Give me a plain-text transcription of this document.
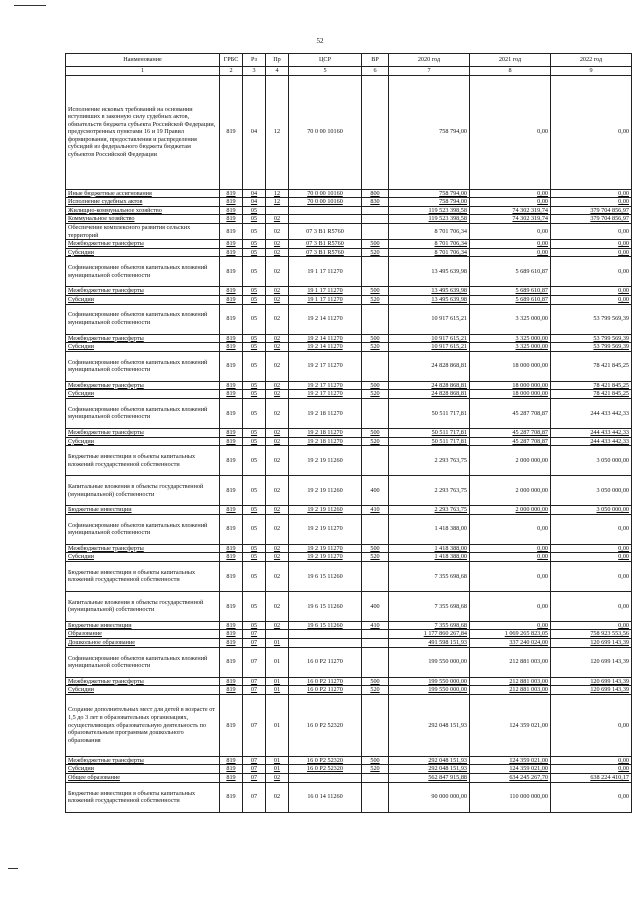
52
Наименование	ГРБС	Рз	Пр	ЦСР	ВР	2020 год	2021 год	2022 год
1	2	3	4	5	6	7	8	9
Исполнение исковых требований на основании вступивших в законную силу судебных актов, обязательств бюджета субъекта Российской Федерации, предусмотренных пунктами 16 и 19 Правил формирования, предоставления и распределения субсидий из федерального бюджета бюджетам субъектов Российской Федерации	819	04	12	70 0 00 10160		758 794,00	0,00	0,00
Иные бюджетные ассигнования	819	04	12	70 0 00 10160	800	758 794,00	0,00	0,00
Исполнение судебных актов	819	04	12	70 0 00 10160	830	758 794,00	0,00	0,00
Жилищно-коммунальное хозяйство	819	05				119 523 398,58	74 302 319,74	379 704 856,97
Коммунальное хозяйство	819	05	02			119 523 398,58	74 302 319,74	379 704 856,97
Обеспечение комплексного развития сельских территорий	819	05	02	07 3 B1 R5760		8 701 706,34	0,00	0,00
Межбюджетные трансферты	819	05	02	07 3 B1 R5760	500	8 701 706,34	0,00	0,00
Субсидии	819	05	02	07 3 B1 R5760	520	8 701 706,34	0,00	0,00
Софинансирование объектов капитальных вложений муниципальной собственности	819	05	02	19 1 17 11270		13 495 639,98	5 689 610,87	0,00
Межбюджетные трансферты	819	05	02	19 1 17 11270	500	13 495 639,98	5 689 610,87	0,00
Субсидии	819	05	02	19 1 17 11270	520	13 495 639,98	5 689 610,87	0,00
Софинансирование объектов капитальных вложений муниципальной собственности	819	05	02	19 2 14 11270		10 917 615,21	3 325 000,00	53 799 569,39
Межбюджетные трансферты	819	05	02	19 2 14 11270	500	10 917 615,21	3 325 000,00	53 799 569,39
Субсидии	819	05	02	19 2 14 11270	520	10 917 615,21	3 325 000,00	53 799 569,39
Софинансирование объектов капитальных вложений муниципальной собственности	819	05	02	19 2 17 11270		24 828 868,81	18 000 000,00	78 421 845,25
Межбюджетные трансферты	819	05	02	19 2 17 11270	500	24 828 868,81	18 000 000,00	78 421 845,25
Субсидии	819	05	02	19 2 17 11270	520	24 828 868,81	18 000 000,00	78 421 845,25
Софинансирование объектов капитальных вложений муниципальной собственности	819	05	02	19 2 18 11270		50 511 717,81	45 287 708,87	244 433 442,33
Межбюджетные трансферты	819	05	02	19 2 18 11270	500	50 511 717,81	45 287 708,87	244 433 442,33
Субсидии	819	05	02	19 2 18 11270	520	50 511 717,81	45 287 708,87	244 433 442,33
Бюджетные инвестиции в объекты капитальных вложений государственной собственности	819	05	02	19 2 19 11260		2 293 763,75	2 000 000,00	3 050 000,00
Капитальные вложения в объекты государственной (муниципальной) собственности	819	05	02	19 2 19 11260	400	2 293 763,75	2 000 000,00	3 050 000,00
Бюджетные инвестиции	819	05	02	19 2 19 11260	410	2 293 763,75	2 000 000,00	3 050 000,00
Софинансирование объектов капитальных вложений муниципальной собственности	819	05	02	19 2 19 11270		1 418 388,00	0,00	0,00
Межбюджетные трансферты	819	05	02	19 2 19 11270	500	1 418 388,00	0,00	0,00
Субсидии	819	05	02	19 2 19 11270	520	1 418 388,00	0,00	0,00
Бюджетные инвестиции в объекты капитальных вложений государственной собственности	819	05	02	19 6 15 11260		7 355 698,68	0,00	0,00
Капитальные вложения в объекты государственной (муниципальной) собственности	819	05	02	19 6 15 11260	400	7 355 698,68	0,00	0,00
Бюджетные инвестиции	819	05	02	19 6 15 11260	410	7 355 698,68	0,00	0,00
Образование	819	07				1 177 860 267,84	1 069 265 823,05	758 923 553,56
Дошкольное образование	819	07	01			491 598 151,93	337 240 024,00	120 699 143,39
Софинансирование объектов капитальных вложений муниципальной собственности	819	07	01	16 0 P2 11270		199 550 000,00	212 881 003,00	120 699 143,39
Межбюджетные трансферты	819	07	01	16 0 P2 11270	500	199 550 000,00	212 881 003,00	120 699 143,39
Субсидии	819	07	01	16 0 P2 11270	520	199 550 000,00	212 881 003,00	120 699 143,39
Создание дополнительных мест для детей в возрасте от 1,5 до 3 лет в образовательных организациях, осуществляющих образовательную деятельность по образовательным программам дошкольного образования	819	07	01	16 0 P2 52320		292 048 151,93	124 359 021,00	0,00
Межбюджетные трансферты	819	07	01	16 0 P2 52320	500	292 048 151,93	124 359 021,00	0,00
Субсидии	819	07	01	16 0 P2 52320	520	292 048 151,93	124 359 021,00	0,00
Общее образование	819	07	02			562 847 915,88	634 245 267,70	638 224 410,17
Бюджетные инвестиции в объекты капитальных вложений государственной собственности	819	07	02	16 0 14 11260		90 000 000,00	110 000 000,00	0,00
